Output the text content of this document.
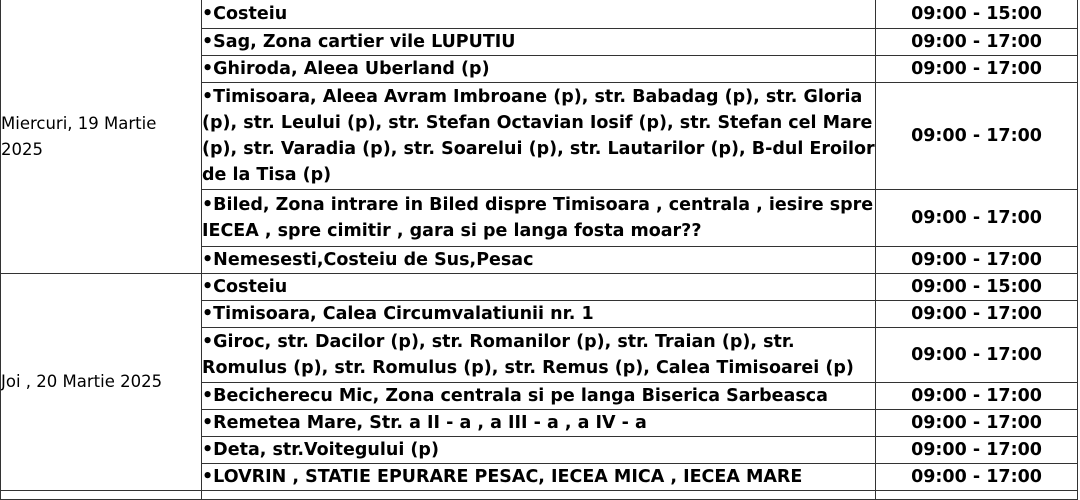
Miercuri, 19 Martie 2025	•Costeiu	09:00 - 15:00
	•Sag, Zona cartier vile LUPUTIU	09:00 - 17:00
	•Ghiroda, Aleea Uberland (p)	09:00 - 17:00
	•Timisoara, Aleea Avram Imbroane (p), str. Babadag (p), str. Gloria (p), str. Leului (p), str. Stefan Octavian Iosif (p), str. Stefan cel Mare (p), str. Varadia (p), str. Soarelui (p), str. Lautarilor (p), B-dul Eroilor de la Tisa (p)	09:00 - 17:00
	•Biled, Zona intrare in Biled dispre Timisoara , centrala , iesire spre IECEA , spre cimitir , gara si pe langa fosta moar??	09:00 - 17:00
	•Nemesesti,Costeiu de Sus,Pesac	09:00 - 17:00
Joi , 20 Martie 2025	•Costeiu	09:00 - 15:00
	•Timisoara, Calea Circumvalatiunii nr. 1	09:00 - 17:00
	•Giroc, str. Dacilor (p), str. Romanilor (p), str. Traian (p), str. Romulus (p), str. Romulus (p), str. Remus (p), Calea Timisoarei (p)	09:00 - 17:00
	•Becicherecu Mic, Zona centrala si pe langa Biserica Sarbeasca	09:00 - 17:00
	•Remetea Mare, Str. a II - a , a III - a , a IV - a	09:00 - 17:00
	•Deta, str.Voitegului (p)	09:00 - 17:00
	•LOVRIN , STATIE EPURARE PESAC, IECEA MICA , IECEA MARE	09:00 - 17:00
